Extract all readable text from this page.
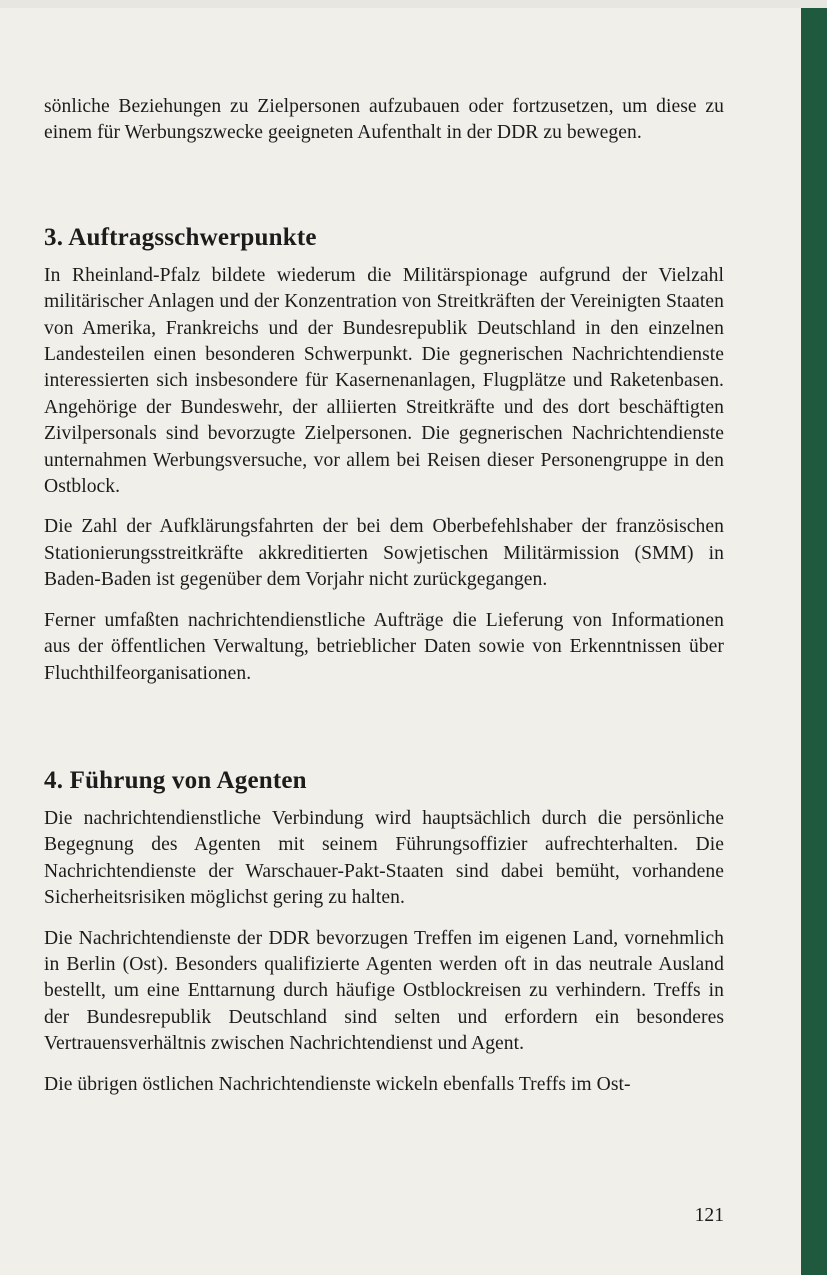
sönliche Beziehungen zu Zielpersonen aufzubauen oder fortzusetzen, um diese zu einem für Werbungszwecke geeigneten Aufenthalt in der DDR zu bewegen.

3. Auftragsschwerpunkte

In Rheinland-Pfalz bildete wiederum die Militärspionage aufgrund der Vielzahl militärischer Anlagen und der Konzentration von Streitkräften der Vereinigten Staaten von Amerika, Frankreichs und der Bundesrepublik Deutschland in den einzelnen Landesteilen einen besonderen Schwerpunkt. Die gegnerischen Nachrichtendienste interessierten sich insbesondere für Kasernenanlagen, Flugplätze und Raketenbasen. Angehörige der Bundeswehr, der alliierten Streitkräfte und des dort beschäftigten Zivilpersonals sind bevorzugte Zielpersonen. Die gegnerischen Nachrichtendienste unternahmen Werbungsversuche, vor allem bei Reisen dieser Personengruppe in den Ostblock.

Die Zahl der Aufklärungsfahrten der bei dem Oberbefehlshaber der französischen Stationierungsstreitkräfte akkreditierten Sowjetischen Militärmission (SMM) in Baden-Baden ist gegenüber dem Vorjahr nicht zurückgegangen.

Ferner umfaßten nachrichtendienstliche Aufträge die Lieferung von Informationen aus der öffentlichen Verwaltung, betrieblicher Daten sowie von Erkenntnissen über Fluchthilfeorganisationen.

4. Führung von Agenten

Die nachrichtendienstliche Verbindung wird hauptsächlich durch die persönliche Begegnung des Agenten mit seinem Führungsoffizier aufrechterhalten. Die Nachrichtendienste der Warschauer-Pakt-Staaten sind dabei bemüht, vorhandene Sicherheitsrisiken möglichst gering zu halten.

Die Nachrichtendienste der DDR bevorzugen Treffen im eigenen Land, vornehmlich in Berlin (Ost). Besonders qualifizierte Agenten werden oft in das neutrale Ausland bestellt, um eine Enttarnung durch häufige Ostblockreisen zu verhindern. Treffs in der Bundesrepublik Deutschland sind selten und erfordern ein besonderes Vertrauensverhältnis zwischen Nachrichtendienst und Agent.

Die übrigen östlichen Nachrichtendienste wickeln ebenfalls Treffs im Ost-

121
